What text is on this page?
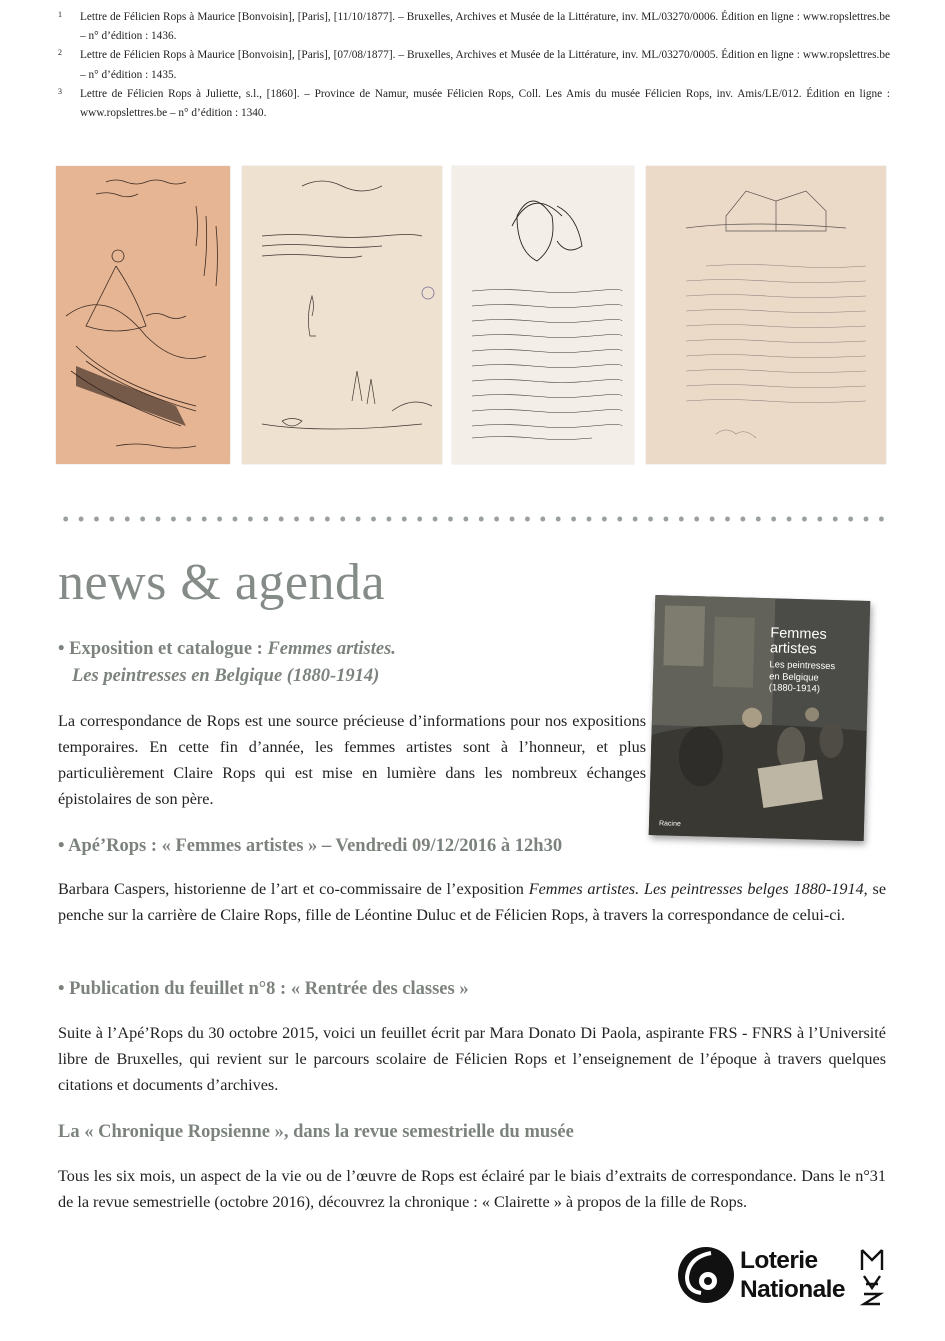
1	Lettre de Félicien Rops à Maurice [Bonvoisin], [Paris], [11/10/1877]. – Bruxelles, Archives et Musée de la Littérature, inv. ML/03270/0006. Édition en ligne : www.ropslettres.be – n° d’édition : 1436.
2	Lettre de Félicien Rops à Maurice [Bonvoisin], [Paris], [07/08/1877]. – Bruxelles, Archives et Musée de la Littérature, inv. ML/03270/0005. Édition en ligne : www.ropslettres.be – n° d’édition : 1435.
3	Lettre de Félicien Rops à Juliette, s.l., [1860]. – Province de Namur, musée Félicien Rops, Coll. Les Amis du musée Félicien Rops, inv. Amis/LE/012. Édition en ligne : www.ropslettres.be – n° d’édition : 1340.
news & agenda

• Exposition et catalogue : Femmes artistes.
Les peintresses en Belgique (1880-1914)

La correspondance de Rops est une source précieuse d’informations pour nos expositions temporaires. En cette fin d’année, les femmes artistes sont à l’honneur, et plus particulièrement Claire Rops qui est mise en lumière dans les nombreux échanges épistolaires de son père.

Femmes
artistes
Les peintresses
en Belgique
(1880-1914)
Racine

• Apé’Rops : « Femmes artistes » – Vendredi 09/12/2016 à 12h30

Barbara Caspers, historienne de l’art et co-commissaire de l’exposition Femmes artistes. Les peintresses belges 1880-1914, se penche sur la carrière de Claire Rops, fille de Léontine Duluc et de Félicien Rops, à travers la correspondance de celui-ci.

• Publication du feuillet n°8 : « Rentrée des classes »

Suite à l’Apé’Rops du 30 octobre 2015, voici un feuillet écrit par Mara Donato Di Paola, aspirante FRS - FNRS à l’Université libre de Bruxelles, qui revient sur le parcours scolaire de Félicien Rops et l’enseignement de l’époque à travers quelques citations et documents d’archives.

La « Chronique Ropsienne », dans la revue semestrielle du musée

Tous les six mois, un aspect de la vie ou de l’œuvre de Rops est éclairé par le biais d’extraits de correspondance. Dans le n°31 de la revue semestrielle (octobre 2016), découvrez la chronique : « Clairette » à propos de la fille de Rops.

Loterie
Nationale
